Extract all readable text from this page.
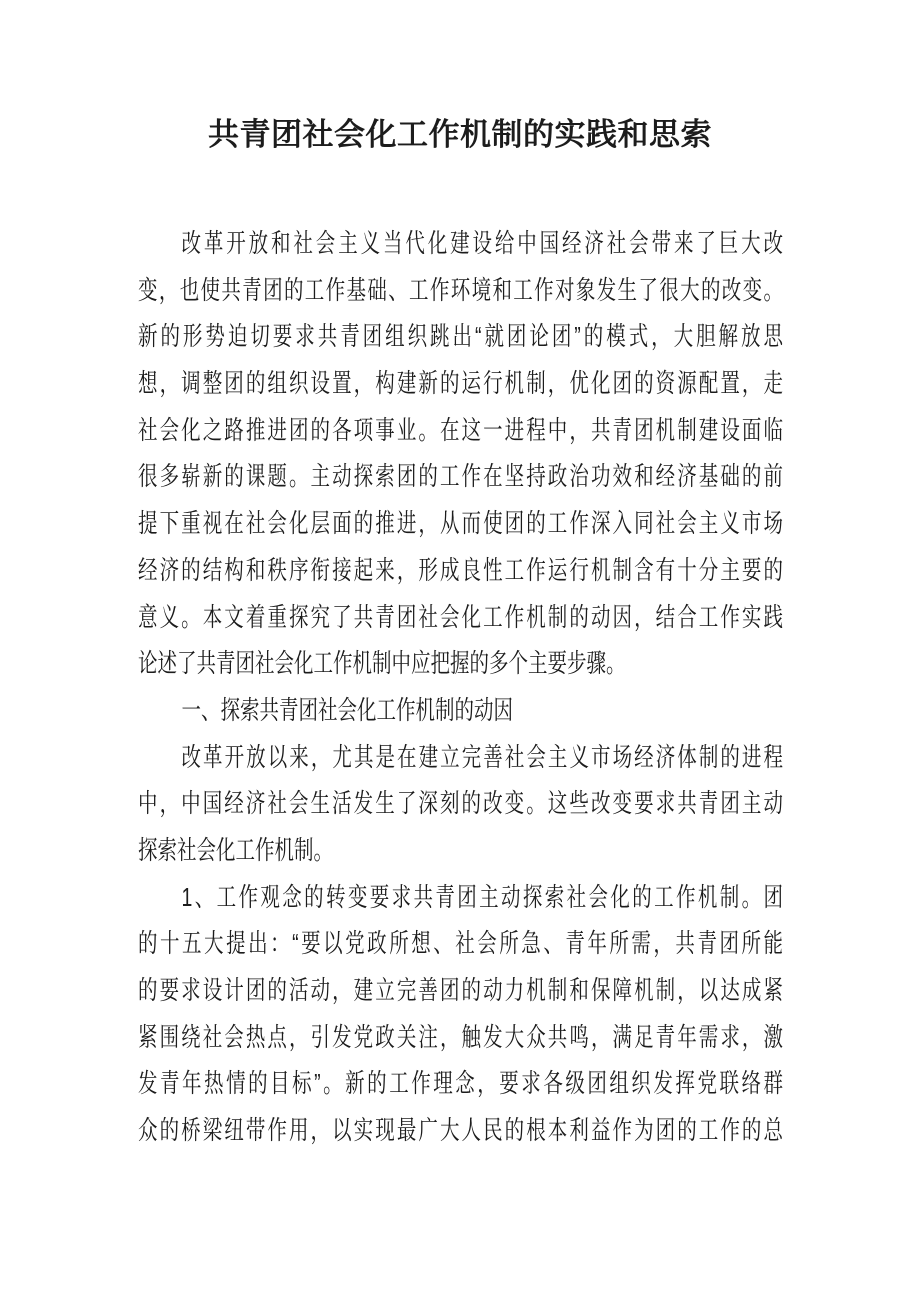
共青团社会化工作机制的实践和思索
改革开放和社会主义当代化建设给中国经济社会带来了巨大改
变，也使共青团的工作基础、工作环境和工作对象发生了很大的改变。
新的形势迫切要求共青团组织跳出“就团论团”的模式，大胆解放思
想，调整团的组织设置，构建新的运行机制，优化团的资源配置，走
社会化之路推进团的各项事业。在这一进程中，共青团机制建设面临
很多崭新的课题。主动探索团的工作在坚持政治功效和经济基础的前
提下重视在社会化层面的推进，从而使团的工作深入同社会主义市场
经济的结构和秩序衔接起来，形成良性工作运行机制含有十分主要的
意义。本文着重探究了共青团社会化工作机制的动因，结合工作实践
论述了共青团社会化工作机制中应把握的多个主要步骤。
一、探索共青团社会化工作机制的动因
改革开放以来，尤其是在建立完善社会主义市场经济体制的进程
中，中国经济社会生活发生了深刻的改变。这些改变要求共青团主动
探索社会化工作机制。
1、工作观念的转变要求共青团主动探索社会化的工作机制。团
的十五大提出：“要以党政所想、社会所急、青年所需，共青团所能
的要求设计团的活动，建立完善团的动力机制和保障机制，以达成紧
紧围绕社会热点，引发党政关注，触发大众共鸣，满足青年需求，激
发青年热情的目标”。新的工作理念，要求各级团组织发挥党联络群
众的桥梁纽带作用，以实现最广大人民的根本利益作为团的工作的总
